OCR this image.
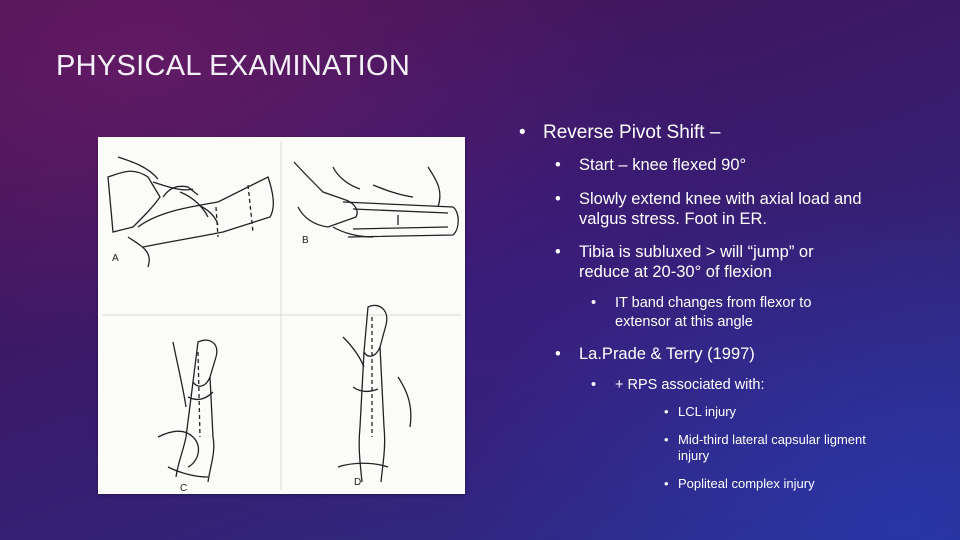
PHYSICAL EXAMINATION
A
B
C
D
• Reverse Pivot Shift –
• Start – knee flexed 90°
• Slowly extend knee with axial load and
valgus stress. Foot in ER.
• Tibia is subluxed > will “jump” or
reduce at 20-30° of flexion
• IT band changes from flexor to
extensor at this angle
• La.Prade & Terry (1997)
• + RPS associated with:
• LCL injury
• Mid-third lateral capsular ligment
injury
• Popliteal complex injury
